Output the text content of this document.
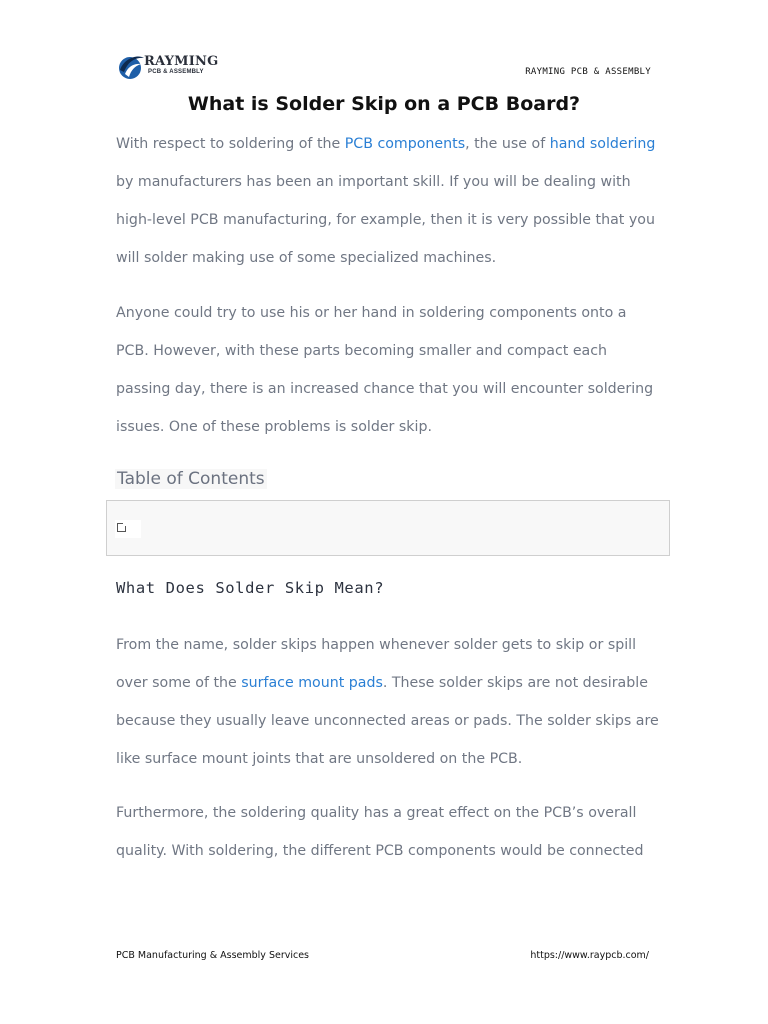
RAYMING
PCB & ASSEMBLY	RAYMING PCB & ASSEMBLY
What is Solder Skip on a PCB Board?

With respect to soldering of the PCB components, the use of hand soldering by manufacturers has been an important skill. If you will be dealing with high-level PCB manufacturing, for example, then it is very possible that you will solder making use of some specialized machines.

Anyone could try to use his or her hand in soldering components onto a PCB. However, with these parts becoming smaller and compact each passing day, there is an increased chance that you will encounter soldering issues. One of these problems is solder skip.

Table of Contents
What Does Solder Skip Mean?

From the name, solder skips happen whenever solder gets to skip or spill over some of the surface mount pads. These solder skips are not desirable because they usually leave unconnected areas or pads. The solder skips are like surface mount joints that are unsoldered on the PCB.

Furthermore, the soldering quality has a great effect on the PCB’s overall quality. With soldering, the different PCB components would be connected

PCB Manufacturing & Assembly Services	https://www.raypcb.com/
